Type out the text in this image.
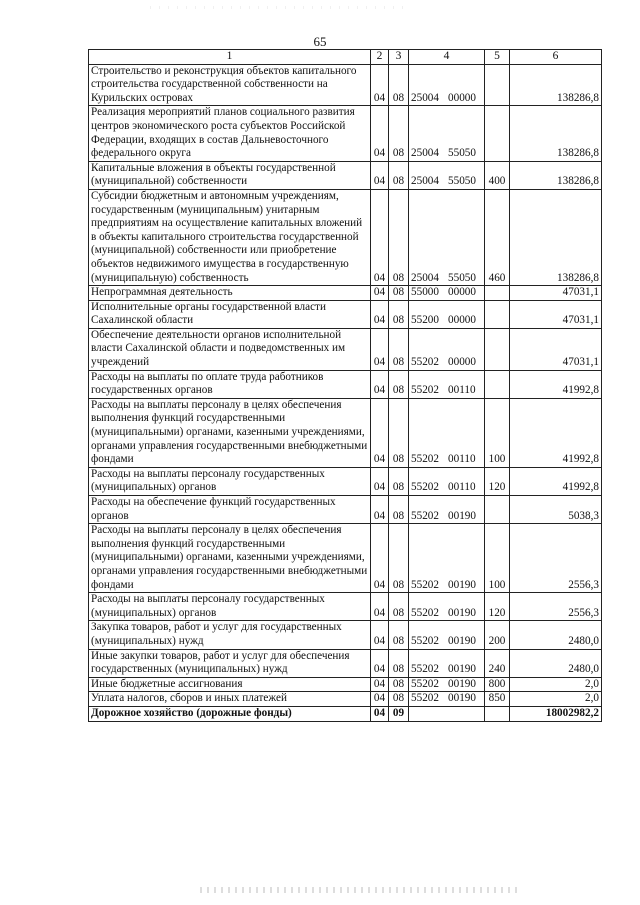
65
1	2	3	4	5	6
Строительство и реконструкция объектов капитального строительства государственной собственности на Курильских островах	04	08	25004 00000		138286,8
Реализация мероприятий планов социального развития центров экономического роста субъектов Российской Федерации, входящих в состав Дальневосточного федерального округа	04	08	25004 55050		138286,8
Капитальные вложения в объекты государственной (муниципальной) собственности	04	08	25004 55050	400	138286,8
Субсидии бюджетным и автономным учреждениям, государственным (муниципальным) унитарным предприятиям на осуществление капитальных вложений в объекты капитального строительства государственной (муниципальной) собственности или приобретение объектов недвижимого имущества в государственную (муниципальную) собственность	04	08	25004 55050	460	138286,8
Непрограммная деятельность	04	08	55000 00000		47031,1
Исполнительные органы государственной власти Сахалинской области	04	08	55200 00000		47031,1
Обеспечение деятельности органов исполнительной власти Сахалинской области и подведомственных им учреждений	04	08	55202 00000		47031,1
Расходы на выплаты по оплате труда работников государственных органов	04	08	55202 00110		41992,8
Расходы на выплаты персоналу в целях обеспечения выполнения функций государственными (муниципальными) органами, казенными учреждениями, органами управления государственными внебюджетными фондами	04	08	55202 00110	100	41992,8
Расходы на выплаты персоналу государственных (муниципальных) органов	04	08	55202 00110	120	41992,8
Расходы на обеспечение функций государственных органов	04	08	55202 00190		5038,3
Расходы на выплаты персоналу в целях обеспечения выполнения функций государственными (муниципальными) органами, казенными учреждениями, органами управления государственными внебюджетными фондами	04	08	55202 00190	100	2556,3
Расходы на выплаты персоналу государственных (муниципальных) органов	04	08	55202 00190	120	2556,3
Закупка товаров, работ и услуг для государственных (муниципальных) нужд	04	08	55202 00190	200	2480,0
Иные закупки товаров, работ и услуг для обеспечения государственных (муниципальных) нужд	04	08	55202 00190	240	2480,0
Иные бюджетные ассигнования	04	08	55202 00190	800	2,0
Уплата налогов, сборов и иных платежей	04	08	55202 00190	850	2,0
Дорожное хозяйство (дорожные фонды)	04	09			18002982,2
